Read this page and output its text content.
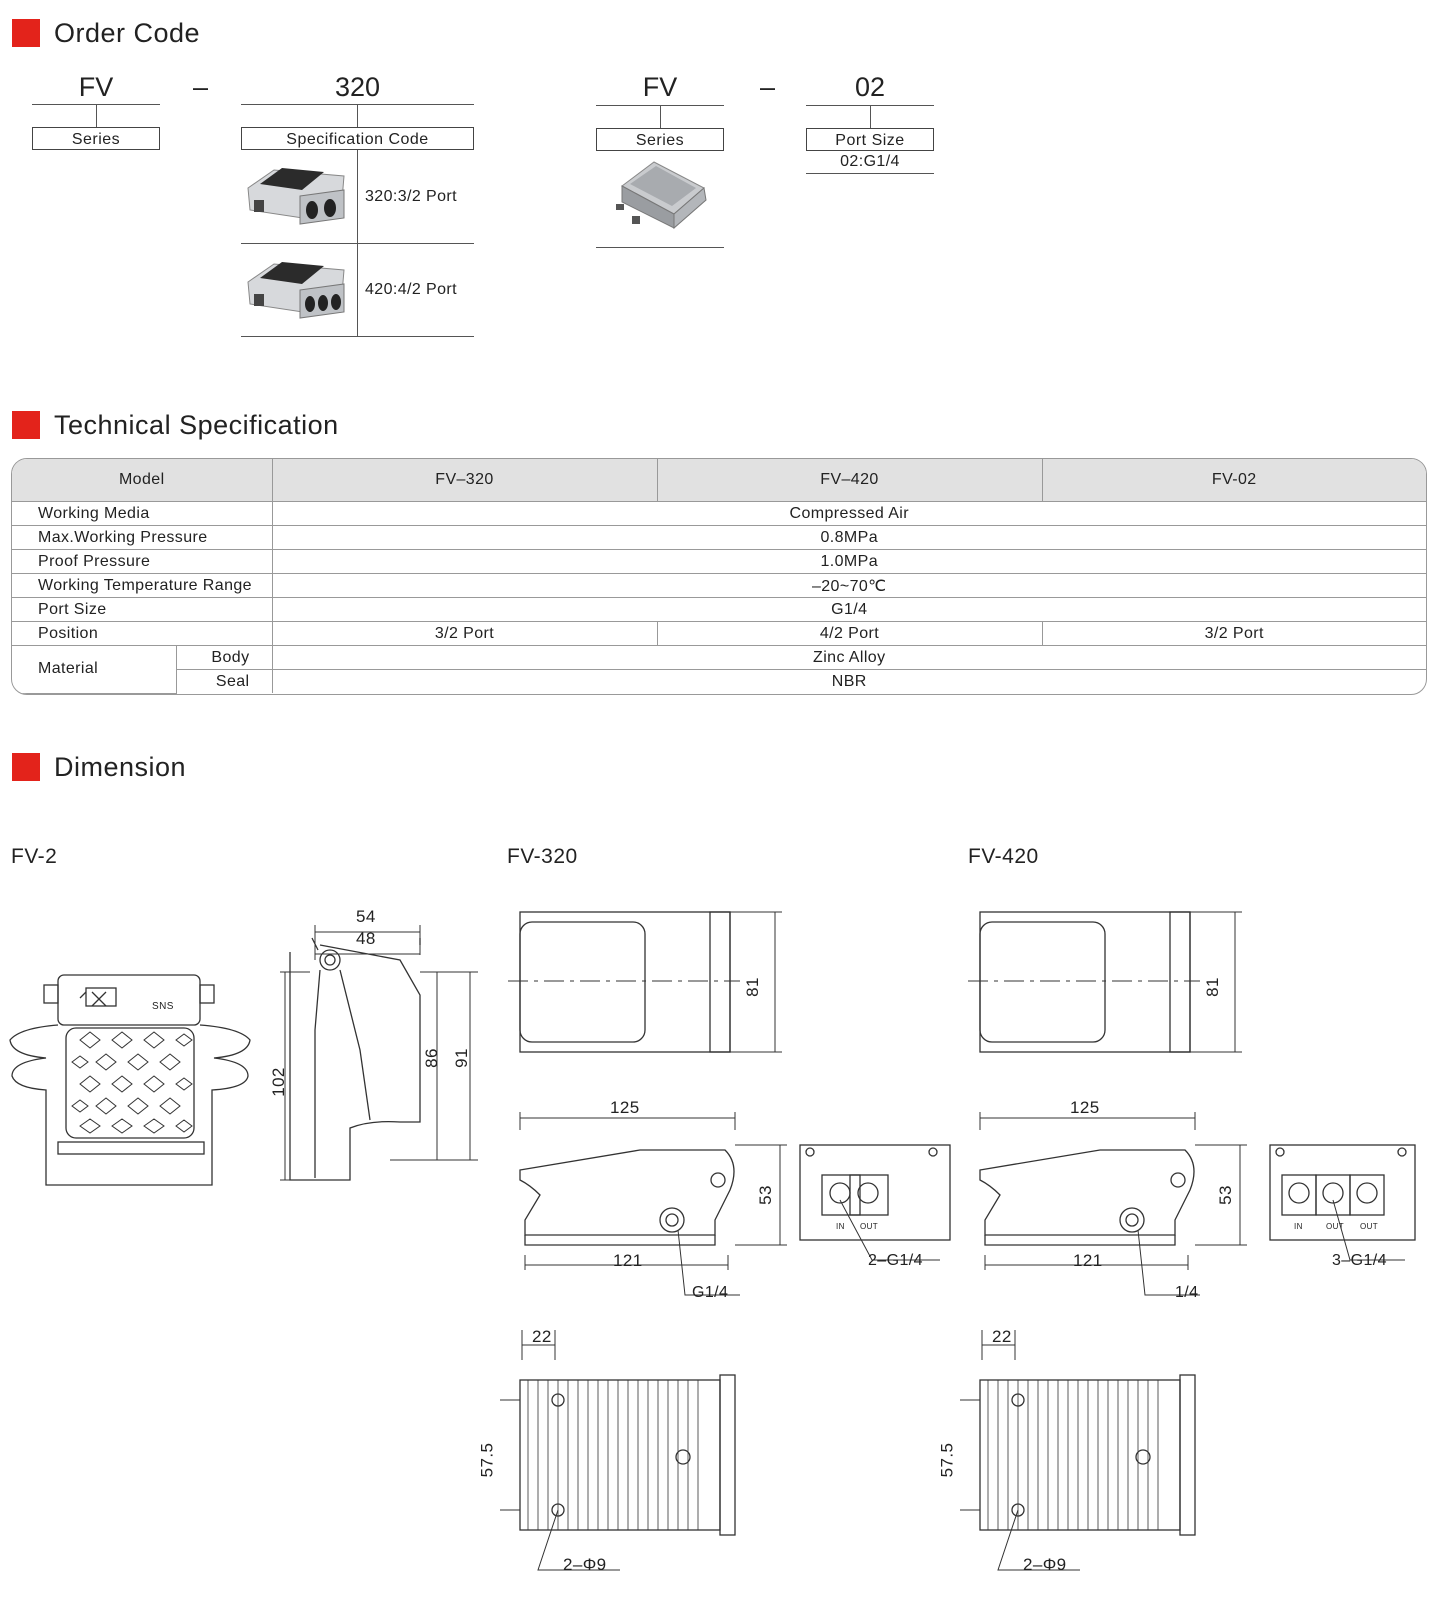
Order Code
FV	–	320
Series	Specification Code
320:3/2 Port
420:4/2 Port
FV	–	02
Series	Port Size
02:G1/4
Technical Specification
Model		FV–320	FV–420	FV-02
Working Media		Compressed Air		
Max.Working Pressure		0.8MPa		
Proof Pressure		1.0MPa		
Working Temperature Range		–20~70℃		
Port Size		G1/4		
Position		3/2 Port	4/2 Port	3/2 Port
Material	Body	Zinc Alloy		
	Seal	NBR		
Dimension
FV-2	FV-320	FV-420
54
48
102
86 91
SNS
81
125
53
121
G1/4
2–G1/4
IN OUT
22
57.5
2–Φ9
81
125
53
121
1/4
3–G1/4
IN	OUT OUT
22
57.5
2–Φ9
